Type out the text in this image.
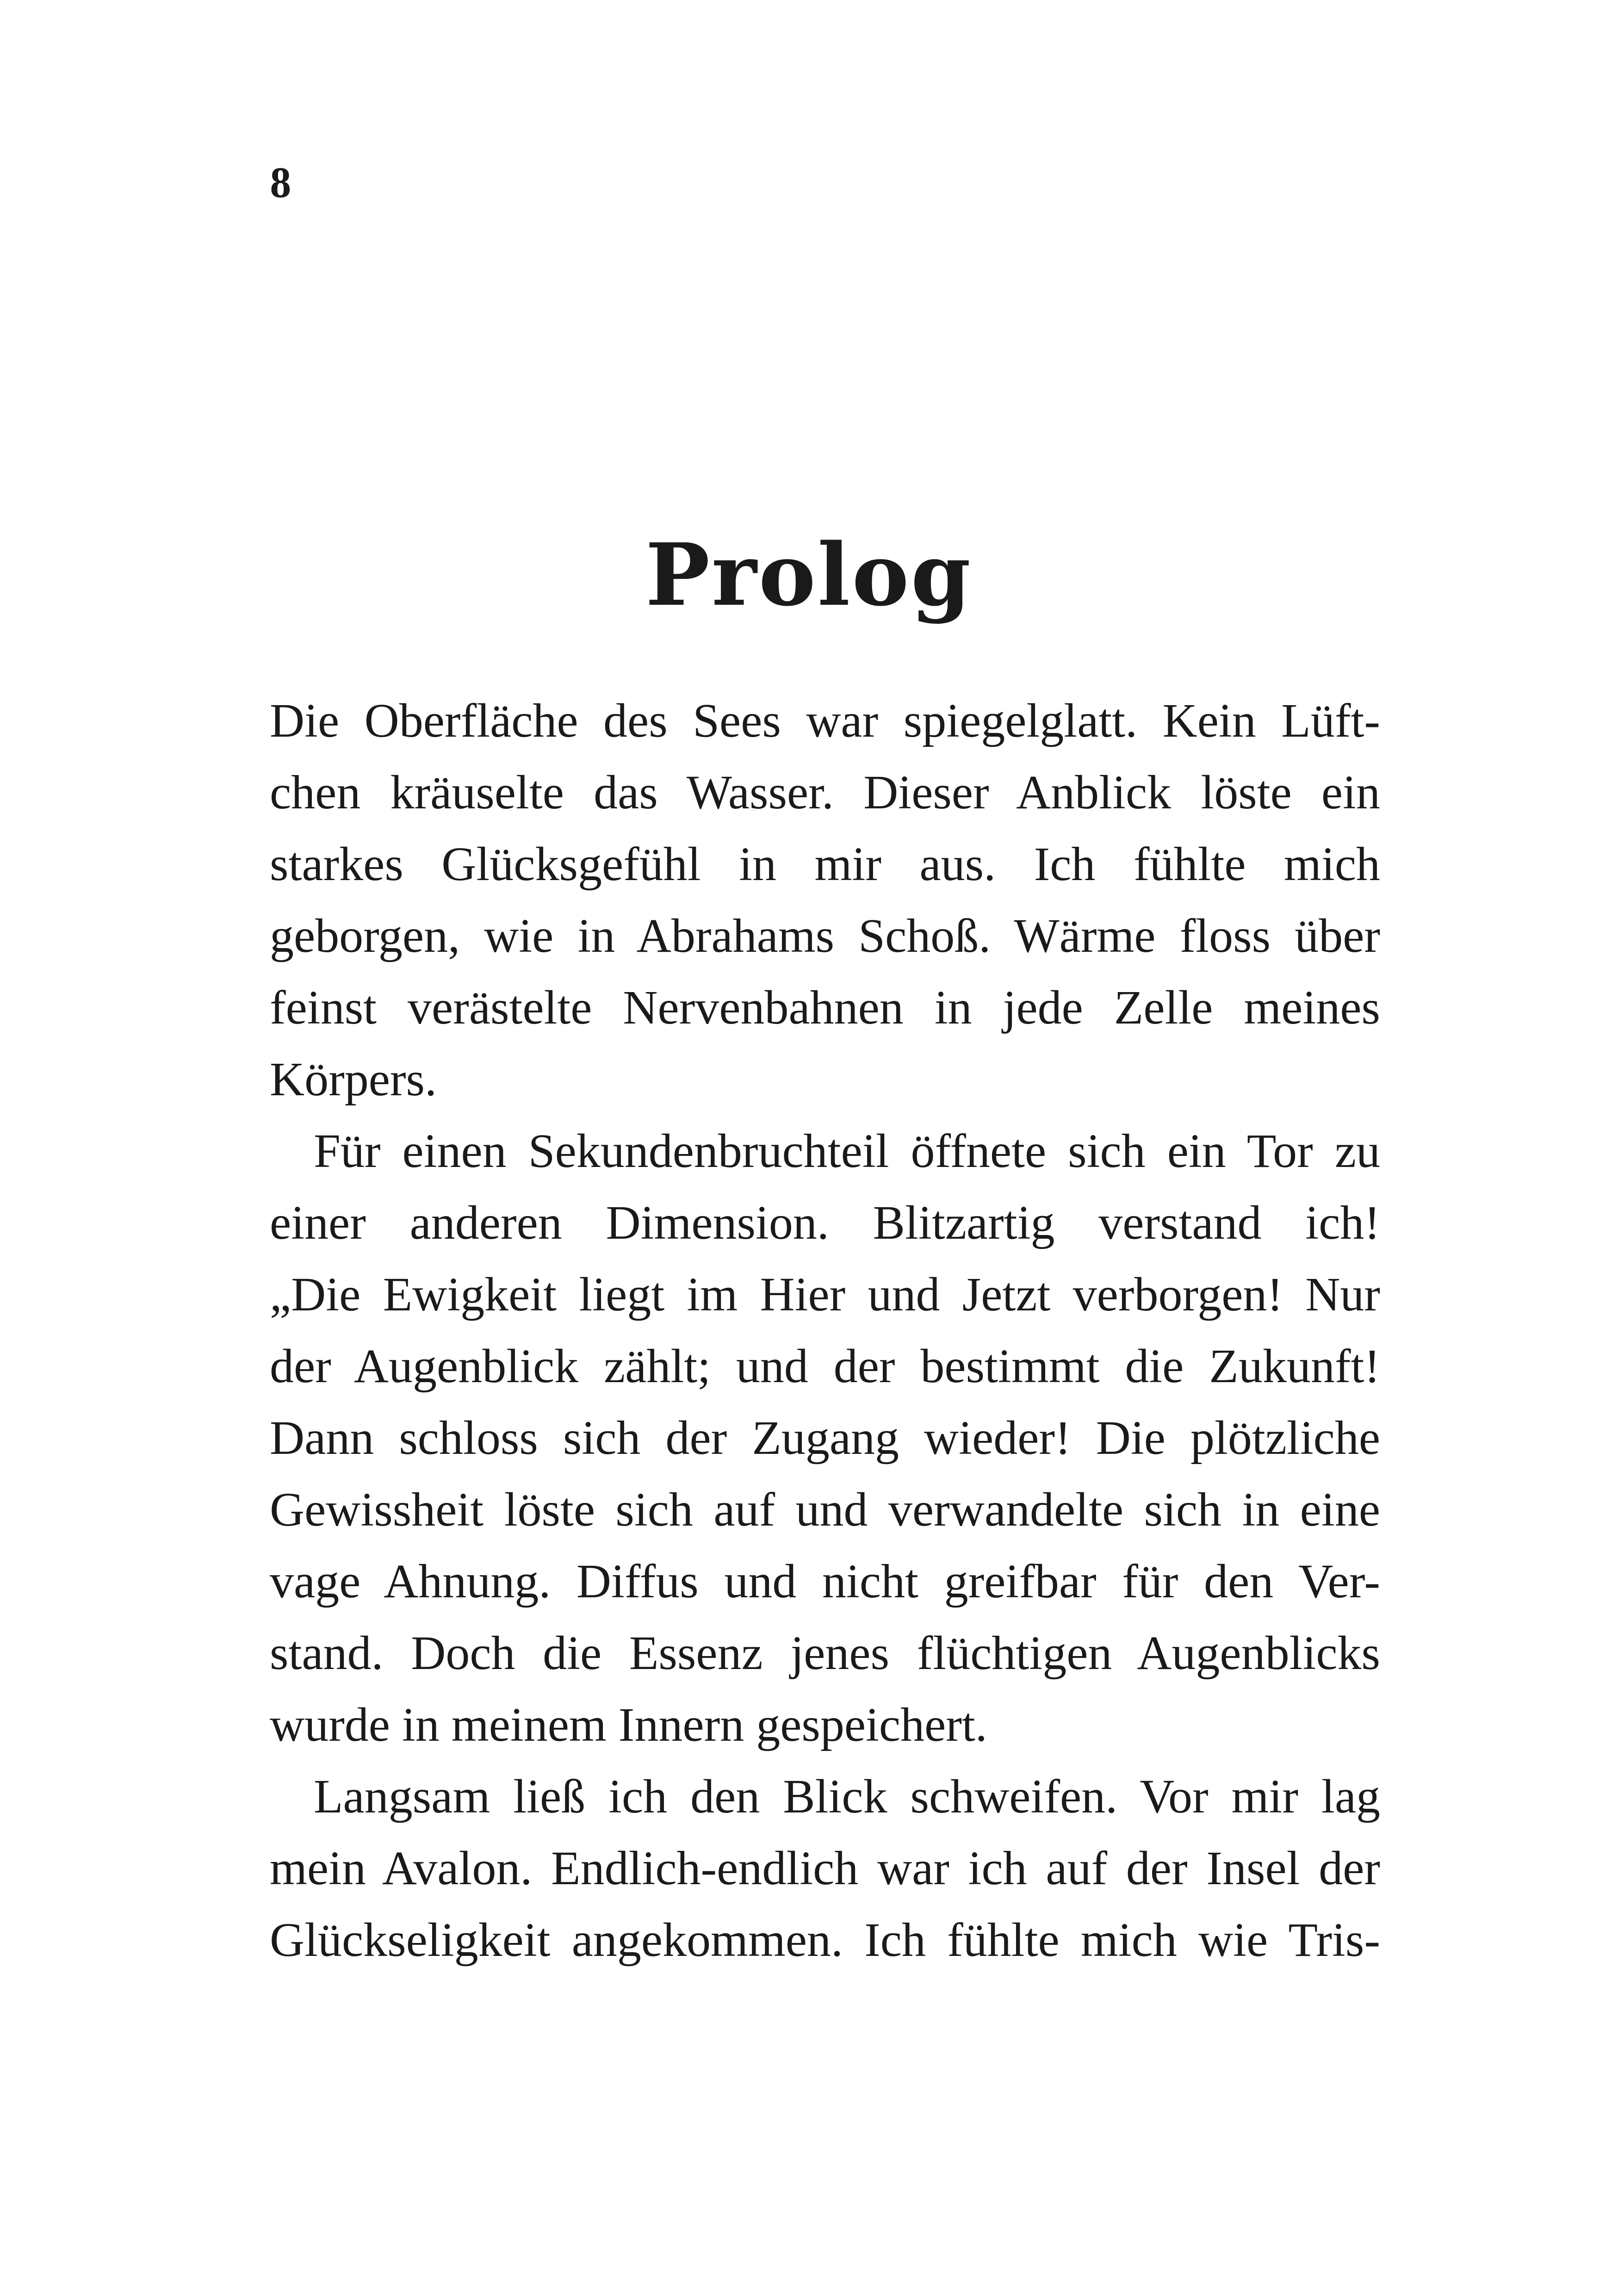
8
Prolog
Die Oberfläche des Sees war spiegelglatt. Kein Lüft-
chen kräuselte das Wasser. Dieser Anblick löste ein
starkes Glücksgefühl in mir aus. Ich fühlte mich
geborgen, wie in Abrahams Schoß. Wärme floss über
feinst verästelte Nervenbahnen in jede Zelle meines
Körpers.
Für einen Sekundenbruchteil öffnete sich ein Tor zu
einer anderen Dimension. Blitzartig verstand ich!
„Die Ewigkeit liegt im Hier und Jetzt verborgen! Nur
der Augenblick zählt; und der bestimmt die Zukunft!
Dann schloss sich der Zugang wieder! Die plötzliche
Gewissheit löste sich auf und verwandelte sich in eine
vage Ahnung. Diffus und nicht greifbar für den Ver-
stand. Doch die Essenz jenes flüchtigen Augenblicks
wurde in meinem Innern gespeichert.
Langsam ließ ich den Blick schweifen. Vor mir lag
mein Avalon. Endlich-endlich war ich auf der Insel der
Glückseligkeit angekommen. Ich fühlte mich wie Tris-
